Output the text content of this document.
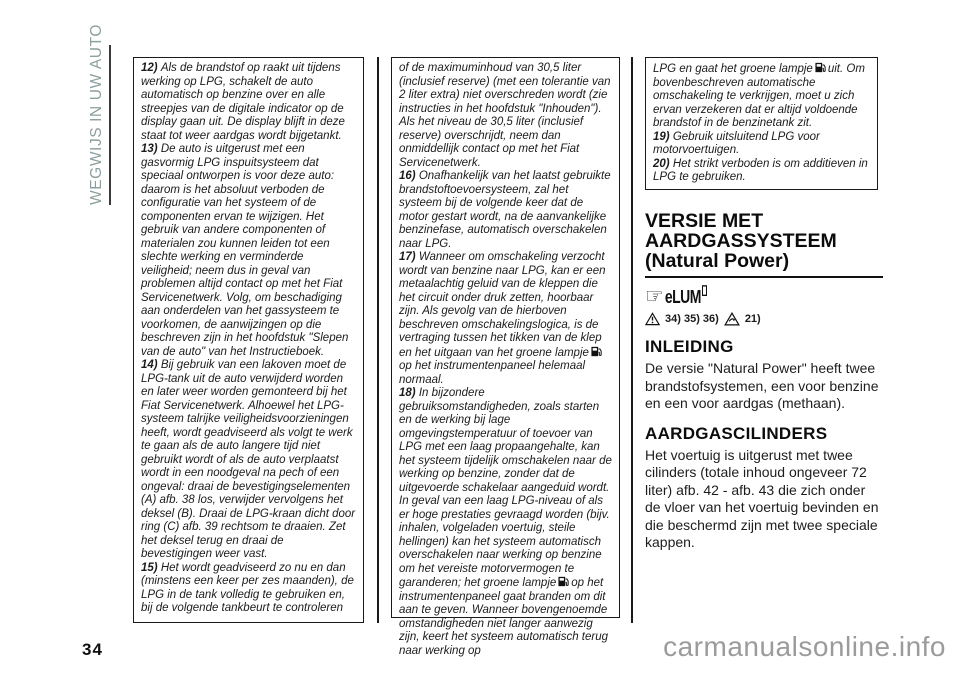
WEGWIJS IN UW AUTO
34

12) Als de brandstof op raakt uit tijdens werking op LPG, schakelt de auto automatisch op benzine over en alle streepjes van de digitale indicator op de display gaan uit. De display blijft in deze staat tot weer aardgas wordt bijgetankt.

13) De auto is uitgerust met een gasvormig LPG inspuitsysteem dat speciaal ontworpen is voor deze auto: daarom is het absoluut verboden de configuratie van het systeem of de componenten ervan te wijzigen. Het gebruik van andere componenten of materialen zou kunnen leiden tot een slechte werking en verminderde veiligheid; neem dus in geval van problemen altijd contact op met het Fiat Servicenetwerk. Volg, om beschadiging aan onderdelen van het gassysteem te voorkomen, de aanwijzingen op die beschreven zijn in het hoofdstuk "Slepen van de auto" van het Instructieboek.

14) Bij gebruik van een lakoven moet de LPG-tank uit de auto verwijderd worden en later weer worden gemonteerd bij het Fiat Servicenetwerk. Alhoewel het LPG-systeem talrijke veiligheidsvoorzieningen heeft, wordt geadviseerd als volgt te werk te gaan als de auto langere tijd niet gebruikt wordt of als de auto verplaatst wordt in een noodgeval na pech of een ongeval: draai de bevestigingselementen (A) afb. 38 los, verwijder vervolgens het deksel (B). Draai de LPG-kraan dicht door ring (C) afb. 39 rechtsom te draaien. Zet het deksel terug en draai de bevestigingen weer vast.

15) Het wordt geadviseerd zo nu en dan (minstens een keer per zes maanden), de LPG in de tank volledig te gebruiken en, bij de volgende tankbeurt te controleren

of de maximuminhoud van 30,5 liter (inclusief reserve) (met een tolerantie van 2 liter extra) niet overschreden wordt (zie instructies in het hoofdstuk "Inhouden"). Als het niveau de 30,5 liter (inclusief reserve) overschrijdt, neem dan onmiddellijk contact op met het Fiat Servicenetwerk.

16) Onafhankelijk van het laatst gebruikte brandstoftoevoersysteem, zal het systeem bij de volgende keer dat de motor gestart wordt, na de aanvankelijke benzinefase, automatisch overschakelen naar LPG.

17) Wanneer om omschakeling verzocht wordt van benzine naar LPG, kan er een metaalachtig geluid van de kleppen die het circuit onder druk zetten, hoorbaar zijn. Als gevolg van de hierboven beschreven omschakelingslogica, is de vertraging tussen het tikken van de klep en het uitgaan van het groene lampjeop het instrumentenpaneel helemaal normaal.

18) In bijzondere gebruiksomstandigheden, zoals starten en de werking bij lage omgevingstemperatuur of toevoer van LPG met een laag propaangehalte, kan het systeem tijdelijk omschakelen naar de werking op benzine, zonder dat de uitgevoerde schakelaar aangeduid wordt. In geval van een laag LPG-niveau of als er hoge prestaties gevraagd worden (bijv. inhalen, volgeladen voertuig, steile hellingen) kan het systeem automatisch overschakelen naar werking op benzine om het vereiste motorvermogen te garanderen; het groene lampje op het instrumentenpaneel gaat branden om dit aan te geven. Wanneer bovengenoemde omstandigheden niet langer aanwezig zijn, keert het systeem automatisch terug naar werking op

LPG en gaat het groene lampje uit. Om bovenbeschreven automatische omschakeling te verkrijgen, moet u zich ervan verzekeren dat er altijd voldoende brandstof in de benzinetank zit.

19) Gebruik uitsluitend LPG voor motorvoertuigen.

20) Het strikt verboden is om additieven in LPG te gebruiken.

VERSIE MET
AARDGASSYSTEEM
(Natural Power)
☞ eLUM
34) 35) 36) 21)
INLEIDING

De versie "Natural Power" heeft twee brandstofsystemen, een voor benzine en een voor aardgas (methaan).

AARDGASCILINDERS

Het voertuig is uitgerust met twee cilinders (totale inhoud ongeveer 72 liter) afb. 42 - afb. 43 die zich onder de vloer van het voertuig bevinden en die beschermd zijn met twee speciale kappen.

carmanualsonline.info
